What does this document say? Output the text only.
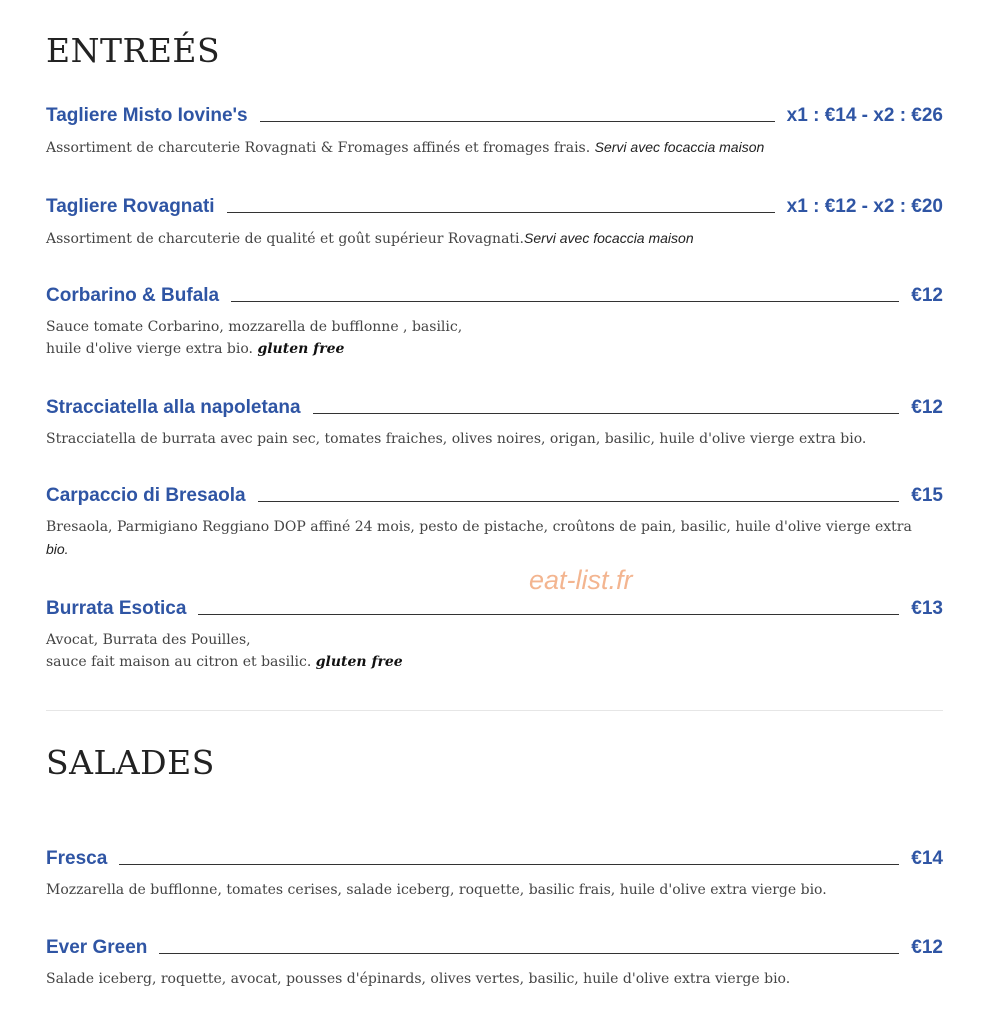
ENTREÉS
Tagliere Misto Iovine's	x1 : €14 - x2 : €26
Assortiment de charcuterie Rovagnati & Fromages affinés et fromages frais. Servi avec focaccia maison
Tagliere Rovagnati	x1 : €12 - x2 : €20
Assortiment de charcuterie de qualité et goût supérieur Rovagnati.Servi avec focaccia maison
Corbarino & Bufala	€12
Sauce tomate Corbarino, mozzarella de bufflonne , basilic,
huile d'olive vierge extra bio. gluten free
Stracciatella alla napoletana	€12
Stracciatella de burrata avec pain sec, tomates fraiches, olives noires, origan, basilic, huile d'olive vierge extra bio.
Carpaccio di Bresaola	€15
Bresaola, Parmigiano Reggiano DOP affiné 24 mois, pesto de pistache, croûtons de pain, basilic, huile d'olive vierge extra
bio.
Burrata Esotica	€13
Avocat, Burrata des Pouilles,
sauce fait maison au citron et basilic. gluten free
SALADES
Fresca	€14
Mozzarella de bufflonne, tomates cerises, salade iceberg, roquette, basilic frais, huile d'olive extra vierge bio.
Ever Green	€12
Salade iceberg, roquette, avocat, pousses d'épinards, olives vertes, basilic, huile d'olive extra vierge bio.
eat-list.fr
